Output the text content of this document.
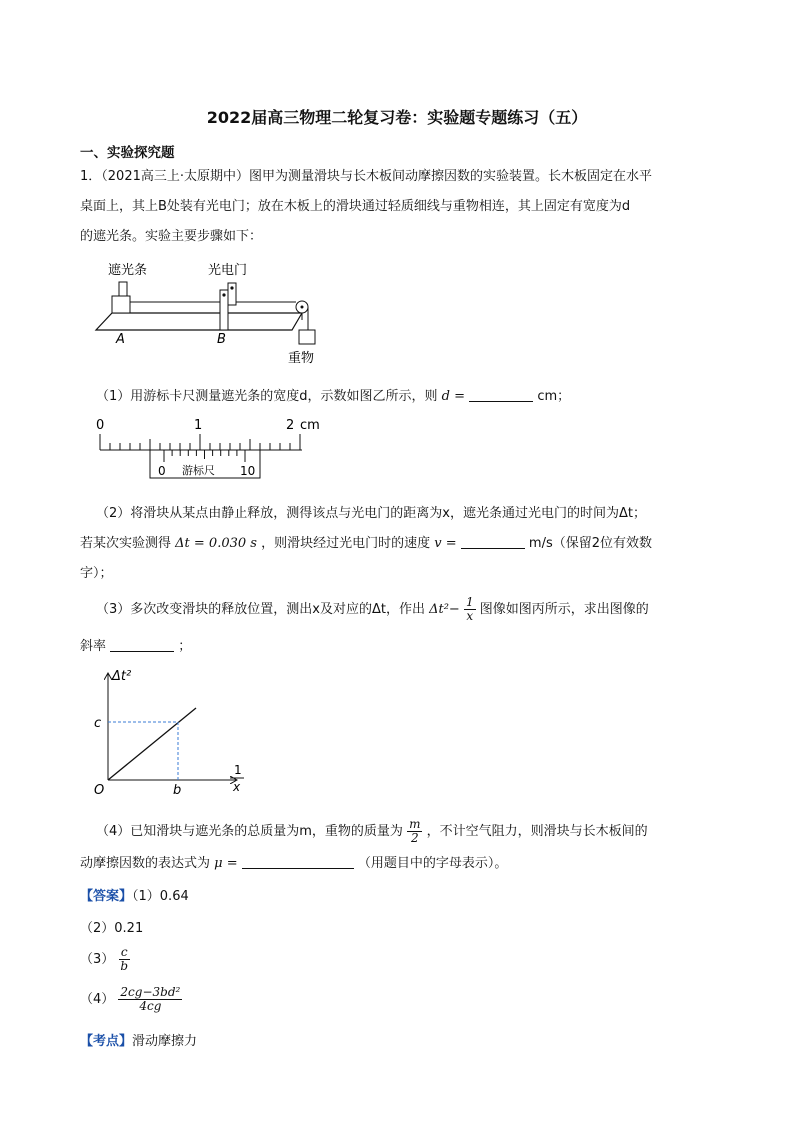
2022届高三物理二轮复习卷：实验题专题练习（五）
一、实验探究题
1．（2021高三上·太原期中）图甲为测量滑块与长木板间动摩擦因数的实验装置。长木板固定在水平
桌面上，其上B处装有光电门；放在木板上的滑块通过轻质细线与重物相连，其上固定有宽度为d
的遮光条。实验主要步骤如下：
遮光条	光电门
A	B
重物
（1）用游标卡尺测量遮光条的宽度d，示数如图乙所示，则 d =	cm；
0	1	2 cm
0	10
游标尺
（2）将滑块从某点由静止释放，测得该点与光电门的距离为x，遮光条通过光电门的时间为Δt；
若某次实验测得 Δt = 0.030 s ，则滑块经过光电门时的速度 v =	m/s（保留2位有效数
字）；
（3）多次改变滑块的释放位置，测出x及对应的Δt，作出 $\Delta t^2- \frac{1}{x}$ 图像如图丙所示，求出图像的
斜率	；
Δt²
c
O	b
1
x
（4）已知滑块与遮光条的总质量为m，重物的质量为 $\frac{m}{2}$ ，不计空气阻力，则滑块与长木板间的
动摩擦因数的表达式为 μ =	（用题目中的字母表示）。
【答案】（1）0.64
（2）0.21
$(3) \frac{c}{b}$
$(4) \frac{\text{2cg−3bd²}}{4cg}$
【考点】滑动摩擦力
